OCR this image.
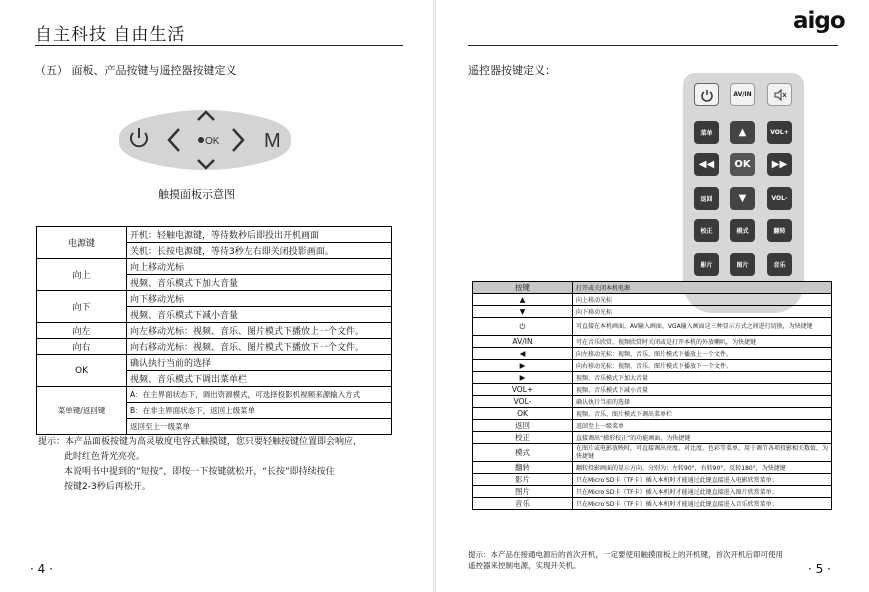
自主科技 自由生活
（五） 面板、产品按键与遥控器按键定义
OK M
触摸面板示意图
电源键	开机：轻触电源键，等待数秒后即投出开机画面
	关机：长按电源键，等待3秒左右即关闭投影画面。
向上	向上移动光标
	视频、音乐模式下加大音量
向下	向下移动光标
	视频、音乐模式下减小音量
向左	向左移动光标：视频、音乐、图片模式下播放上一个文件。
向右	向右移动光标：视频、音乐、图片模式下播放下一个文件。
OK	确认执行当前的选择
	视频、音乐模式下调出菜单栏
菜单键/返回键	A：在主界面状态下，调出资源模式，可选择投影机视频来源输入方式
	B：在非主界面状态下，返回上级菜单
	返回至上一级菜单
提示：本产品面板按键为高灵敏度电容式触摸键，您只要轻触按键位置即会响应，
此时红色背光亮亮。
本说明书中提到的“短按”，即按一下按键就松开，“长按”即持续按住
按键2-3秒后再松开。
· 4 ·
aigo
遥控器按键定义：
AV/IN
菜单	▲	VOL+
◀◀	OK	▶▶
返回	▼	VOL-
校正	模式	翻转
影片	图片	音乐
按键	打开或关闭本机电源
▲	向上移动光标
▼	向下移动光标
⏻	可直接在本机画面、AV输入画面、VGA输入画面这三种显示方式之间进行切换，为快捷键
AV/IN	可在音乐欣赏、视频欣赏时关闭或是打开本机的外放喇叭，为快捷键
◀	向左移动光标：视频、音乐、图片模式下播放上一个文件。
▶	向右移动光标：视频、音乐、图片模式下播放下一个文件。
▶	视频、音乐模式下加大音量
VOL+	视频、音乐模式下减小音量
VOL-	确认执行当前的选择
OK	视频、音乐、图片模式下调出菜单栏
返回	返回至上一级菜单
校正	直接调出“梯形校正”的功能画面，为快捷键
模式	在图片或电影放映时，可直接调出亮度、对比度、色彩等菜单，用于调节各项投影相关数值，为快捷键
翻转	翻转投影画面的显示方向，分别为：左转90°，右转90°，反转180°，为快捷键
影片	只在Micro SD卡（TF卡）插入本机时才能通过此键直接进入电影欣赏菜单；
图片	只在Micro SD卡（TF卡）插入本机时才能通过此键直接进入图片欣赏菜单；
音乐	只在Micro SD卡（TF卡）插入本机时才能通过此键直接进入音乐欣赏菜单；
提示：本产品在接通电源后的首次开机，一定要使用触摸面板上的开机键，首次开机后即可使用
遥控器来控制电源，实现开关机。	· 5 ·
